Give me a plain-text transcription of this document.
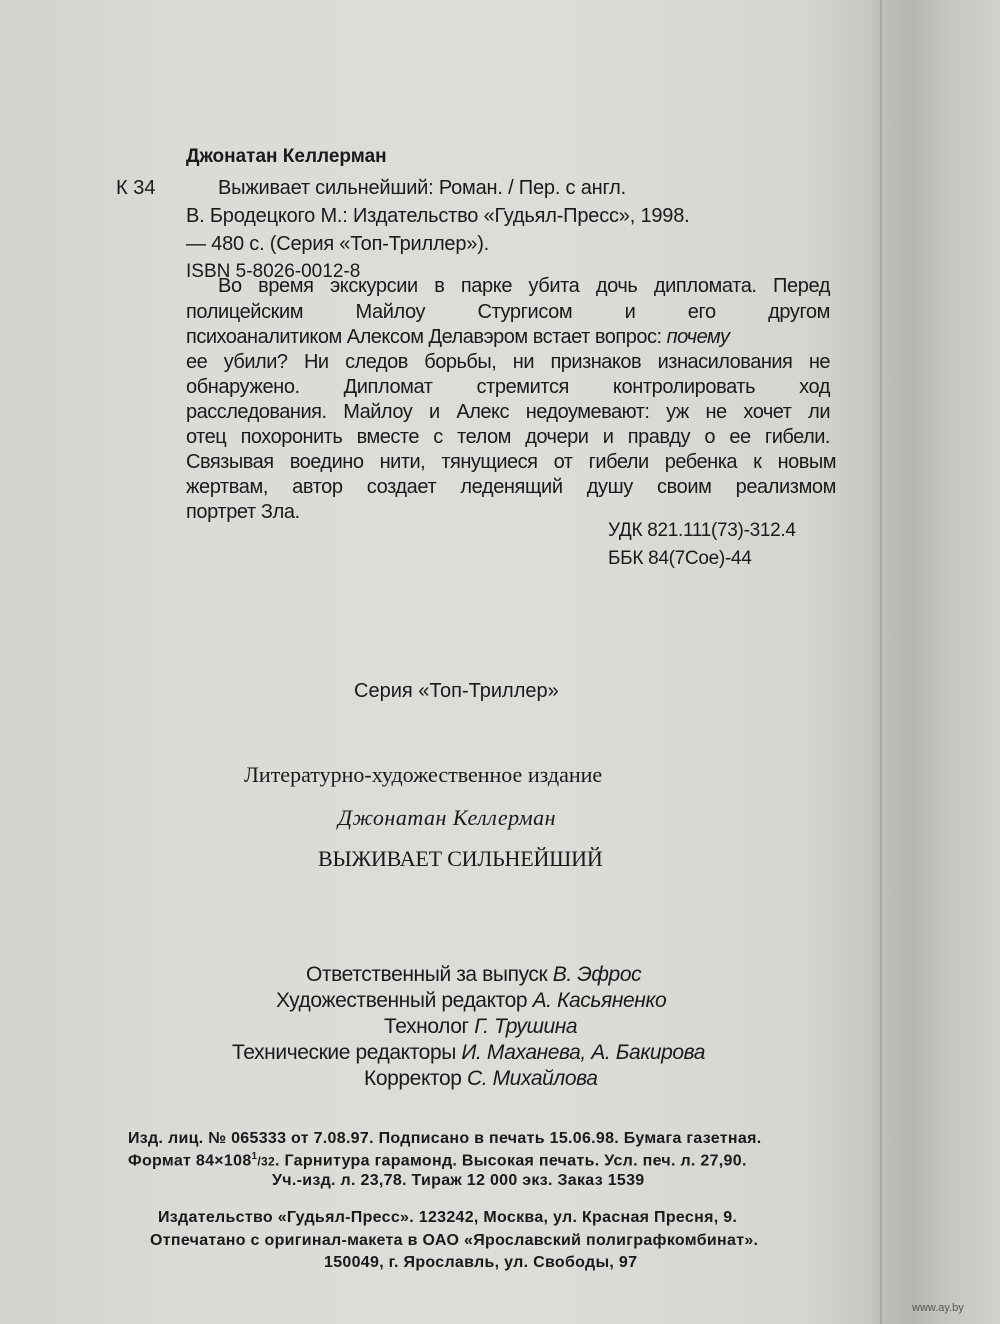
Джонатан Келлерман
К 34	Выживает сильнейший: Роман. / Пер. с англ.
В. Бродецкого М.: Издательство «Гудьял-Пресс», 1998.
— 480 с. (Серия «Топ-Триллер»).
ISBN 5-8026-0012-8
Во время экскурсии в парке убита дочь дипломата. Перед
полицейским Майлоу Стургисом и его другом
психоаналитиком Алексом Делавэром встает вопрос: почему
ее убили? Ни следов борьбы, ни признаков изнасилования не
обнаружено. Дипломат стремится контролировать ход
расследования. Майлоу и Алекс недоумевают: уж не хочет ли
отец похоронить вместе с телом дочери и правду о ее гибели.
Связывая воедино нити, тянущиеся от гибели ребенка к новым
жертвам, автор создает леденящий душу своим реализмом
портрет Зла.
УДК 821.111(73)-312.4
ББК 84(7Сое)-44
Серия «Топ-Триллер»
Литературно-художественное издание
Джонатан Келлерман
ВЫЖИВАЕТ СИЛЬНЕЙШИЙ
Ответственный за выпуск В. Эфрос
Художественный редактор А. Касьяненко
Технолог Г. Трушина
Технические редакторы И. Маханева, А. Бакирова
Корректор С. Михайлова
Изд. лиц. № 065333 от 7.08.97. Подписано в печать 15.06.98. Бумага газетная.
Формат $84\times 108^1/32$. Гарнитура гарамонд. Высокая печать. Усл. печ. л. 27,90.
Уч.-изд. л. 23,78. Тираж 12 000 экз. Заказ 1539
Издательство «Гудьял-Пресс». 123242, Москва, ул. Красная Пресня, 9.
Отпечатано с оригинал-макета в ОАО «Ярославский полиграфкомбинат».
150049, г. Ярославль, ул. Свободы, 97
www.ay.by
